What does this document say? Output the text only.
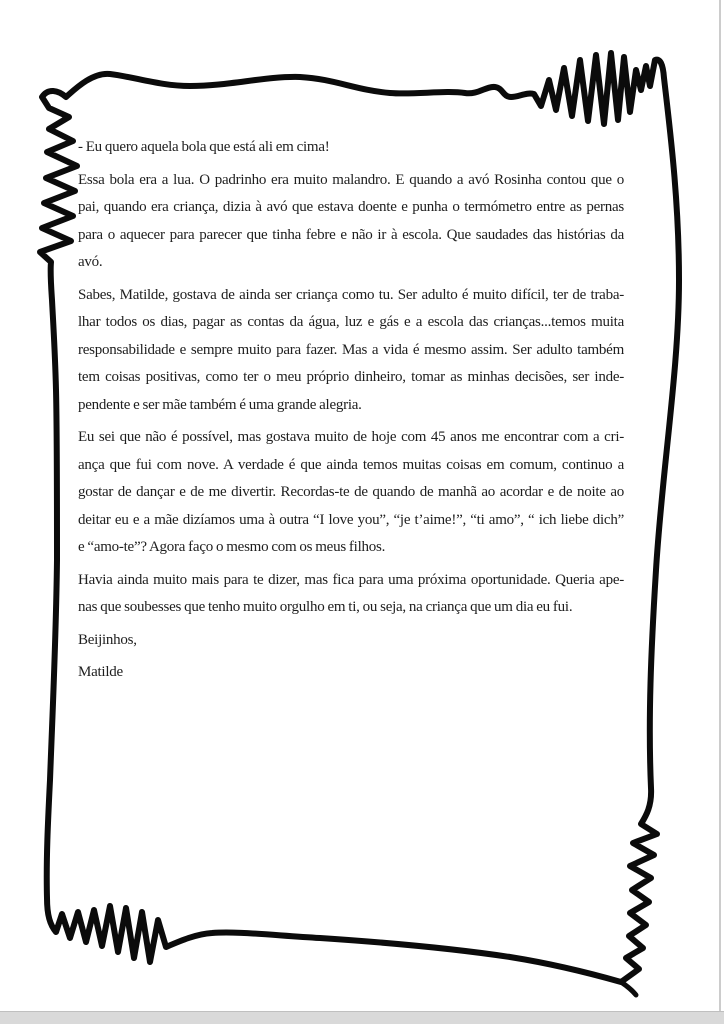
- Eu quero aquela bola que está ali em cima!
Essa bola era a lua. O padrinho era muito malandro. E quando a avó Rosinha contou que o
pai, quando era criança, dizia à avó que estava doente e punha o termómetro entre as pernas
para o aquecer para parecer que tinha febre e não ir à escola. Que saudades das histórias da
avó.
Sabes, Matilde, gostava de ainda ser criança como tu. Ser adulto é muito difícil, ter de traba-
lhar todos os dias, pagar as contas da água, luz e gás e a escola das crianças...temos muita
responsabilidade e sempre muito para fazer. Mas a vida é mesmo assim. Ser adulto também
tem coisas positivas, como ter o meu próprio dinheiro, tomar as minhas decisões, ser inde-
pendente e ser mãe também é uma grande alegria.
Eu sei que não é possível, mas gostava muito de hoje com 45 anos me encontrar com a cri-
ança que fui com nove. A verdade é que ainda temos muitas coisas em comum, continuo a
gostar de dançar e de me divertir. Recordas-te de quando de manhã ao acordar e de noite ao
deitar eu e a mãe dizíamos uma à outra “I love you”, “je t’aime!”, “ti amo”, “ ich liebe dich”
e “amo-te”? Agora faço o mesmo com os meus filhos.
Havia ainda muito mais para te dizer, mas fica para uma próxima oportunidade. Queria ape-
nas que soubesses que tenho muito orgulho em ti, ou seja, na criança que um dia eu fui.
Beijinhos,
Matilde
